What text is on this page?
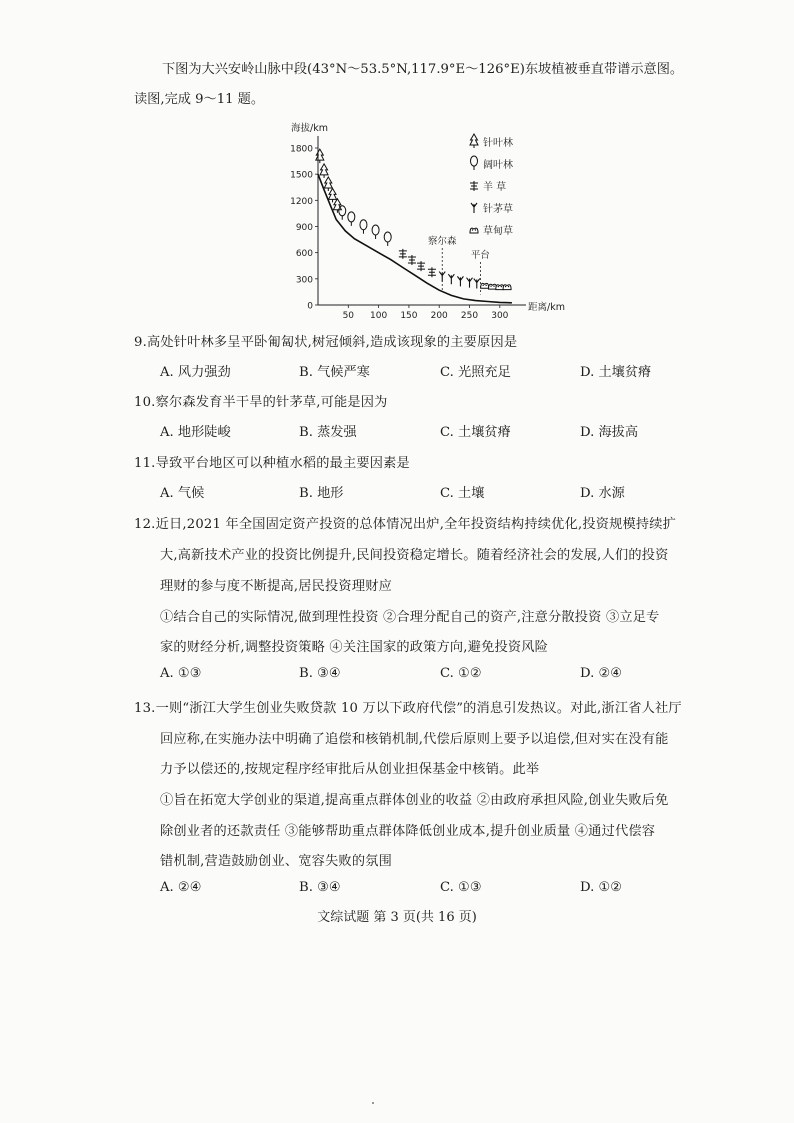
下图为大兴安岭山脉中段(43°N～53.5°N,117.9°E～126°E)东坡植被垂直带谱示意图。
读图,完成 9～11 题。
海拔/km
距离/km
1800
1500
1200
900
600
300
0
50 100 150 200 250 300
察尔森
平台
针叶林
阔叶林
羊 草
针茅草
草甸草
9.高处针叶林多呈平卧匍匐状,树冠倾斜,造成该现象的主要原因是
A. 风力强劲	B. 气候严寒	C. 光照充足	D. 土壤贫瘠
10.察尔森发育半干旱的针茅草,可能是因为
A. 地形陡峻	B. 蒸发强	C. 土壤贫瘠	D. 海拔高
11.导致平台地区可以种植水稻的最主要因素是
A. 气候	B. 地形	C. 土壤	D. 水源
12.近日,2021 年全国固定资产投资的总体情况出炉,全年投资结构持续优化,投资规模持续扩
大,高新技术产业的投资比例提升,民间投资稳定增长。随着经济社会的发展,人们的投资
理财的参与度不断提高,居民投资理财应
①结合自己的实际情况,做到理性投资 ②合理分配自己的资产,注意分散投资 ③立足专
家的财经分析,调整投资策略 ④关注国家的政策方向,避免投资风险
A. ①③	B. ③④	C. ①②	D. ②④
13.一则“浙江大学生创业失败贷款 10 万以下政府代偿”的消息引发热议。对此,浙江省人社厅
回应称,在实施办法中明确了追偿和核销机制,代偿后原则上要予以追偿,但对实在没有能
力予以偿还的,按规定程序经审批后从创业担保基金中核销。此举
①旨在拓宽大学创业的渠道,提高重点群体创业的收益 ②由政府承担风险,创业失败后免
除创业者的还款责任 ③能够帮助重点群体降低创业成本,提升创业质量 ④通过代偿容
错机制,营造鼓励创业、宽容失败的氛围
A. ②④	B. ③④	C. ①③	D. ①②
文综试题 第 3 页(共 16 页)
